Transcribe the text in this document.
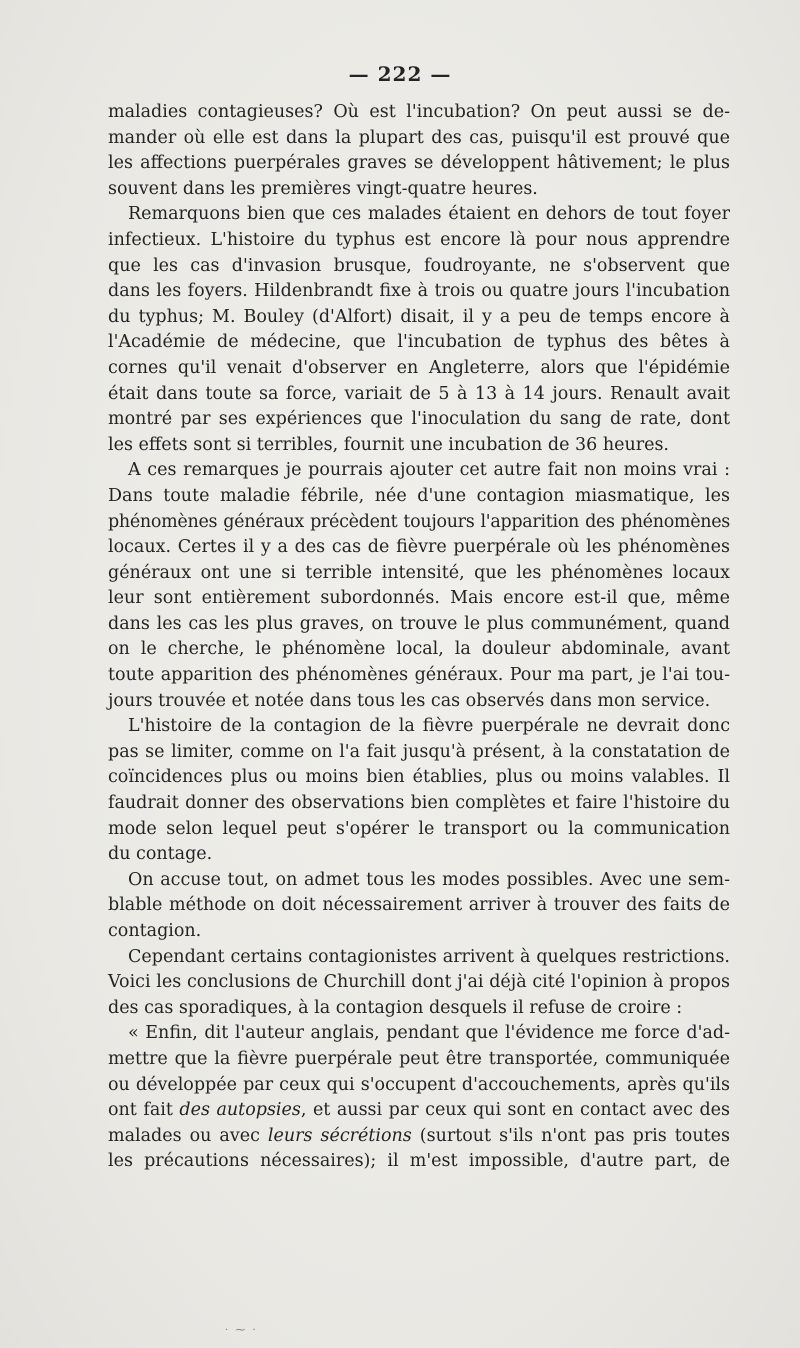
— 222 —
maladies contagieuses? Où est l'incubation? On peut aussi se de-
mander où elle est dans la plupart des cas, puisqu'il est prouvé que
les affections puerpérales graves se développent hâtivement; le plus
souvent dans les premières vingt-quatre heures.
Remarquons bien que ces malades étaient en dehors de tout foyer
infectieux. L'histoire du typhus est encore là pour nous apprendre
que les cas d'invasion brusque, foudroyante, ne s'observent que
dans les foyers. Hildenbrandt fixe à trois ou quatre jours l'incubation
du typhus; M. Bouley (d'Alfort) disait, il y a peu de temps encore à
l'Académie de médecine, que l'incubation de typhus des bêtes à
cornes qu'il venait d'observer en Angleterre, alors que l'épidémie
était dans toute sa force, variait de 5 à 13 à 14 jours. Renault avait
montré par ses expériences que l'inoculation du sang de rate, dont
les effets sont si terribles, fournit une incubation de 36 heures.
A ces remarques je pourrais ajouter cet autre fait non moins vrai :
Dans toute maladie fébrile, née d'une contagion miasmatique, les
phénomènes généraux précèdent toujours l'apparition des phénomènes
locaux. Certes il y a des cas de fièvre puerpérale où les phénomènes
généraux ont une si terrible intensité, que les phénomènes locaux
leur sont entièrement subordonnés. Mais encore est-il que, même
dans les cas les plus graves, on trouve le plus communément, quand
on le cherche, le phénomène local, la douleur abdominale, avant
toute apparition des phénomènes généraux. Pour ma part, je l'ai tou-
jours trouvée et notée dans tous les cas observés dans mon service.
L'histoire de la contagion de la fièvre puerpérale ne devrait donc
pas se limiter, comme on l'a fait jusqu'à présent, à la constatation de
coïncidences plus ou moins bien établies, plus ou moins valables. Il
faudrait donner des observations bien complètes et faire l'histoire du
mode selon lequel peut s'opérer le transport ou la communication
du contage.
On accuse tout, on admet tous les modes possibles. Avec une sem-
blable méthode on doit nécessairement arriver à trouver des faits de
contagion.
Cependant certains contagionistes arrivent à quelques restrictions.
Voici les conclusions de Churchill dont j'ai déjà cité l'opinion à propos
des cas sporadiques, à la contagion desquels il refuse de croire :
« Enfin, dit l'auteur anglais, pendant que l'évidence me force d'ad-
mettre que la fièvre puerpérale peut être transportée, communiquée
ou développée par ceux qui s'occupent d'accouchements, après qu'ils
ont fait des autopsies, et aussi par ceux qui sont en contact avec des
malades ou avec leurs sécrétions (surtout s'ils n'ont pas pris toutes
les précautions nécessaires); il m'est impossible, d'autre part, de
· ⁓ ·
